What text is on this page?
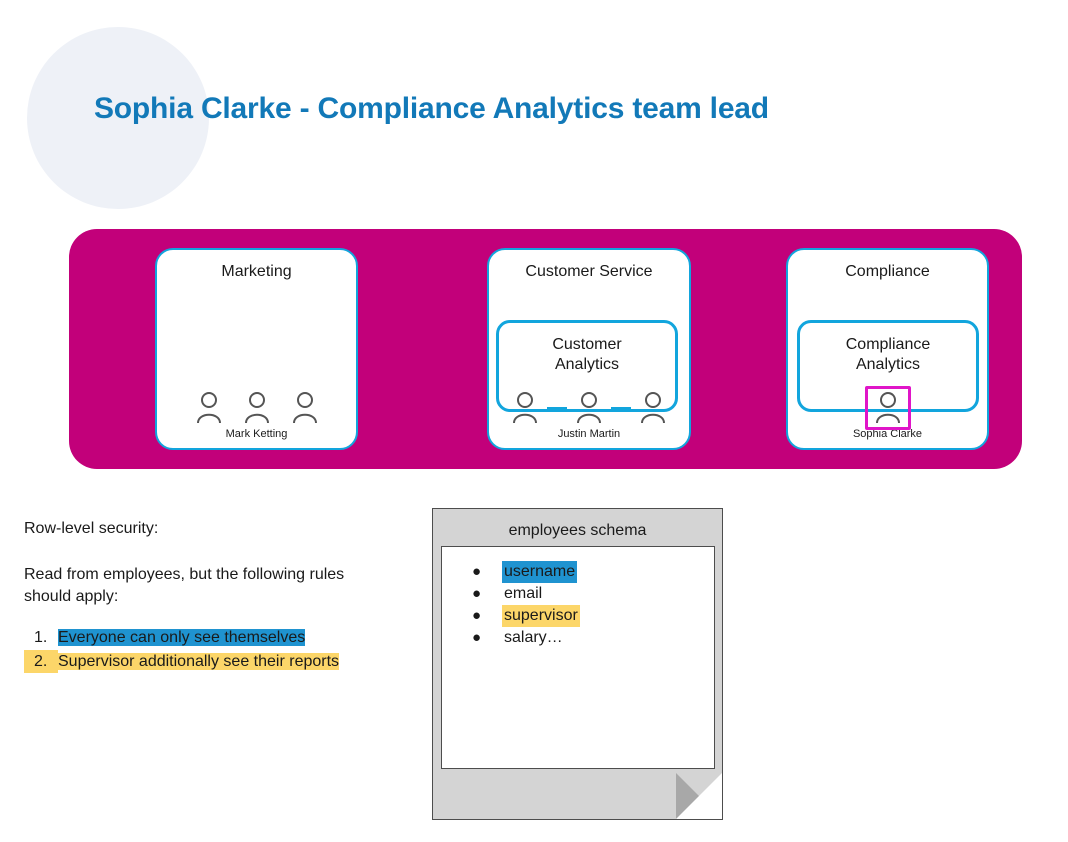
Sophia Clarke - Compliance Analytics team lead
Marketing
Mark Ketting
Customer Service
Justin Martin
Customer
Analytics
Compliance
Sophia Clarke
Compliance
Analytics
Row-level security:
Read from employees, but the following rules should apply:
1. Everyone can only see themselves
2. Supervisor additionally see their reports
employees schema
●	username
●	email
●	supervisor
●	salary…
